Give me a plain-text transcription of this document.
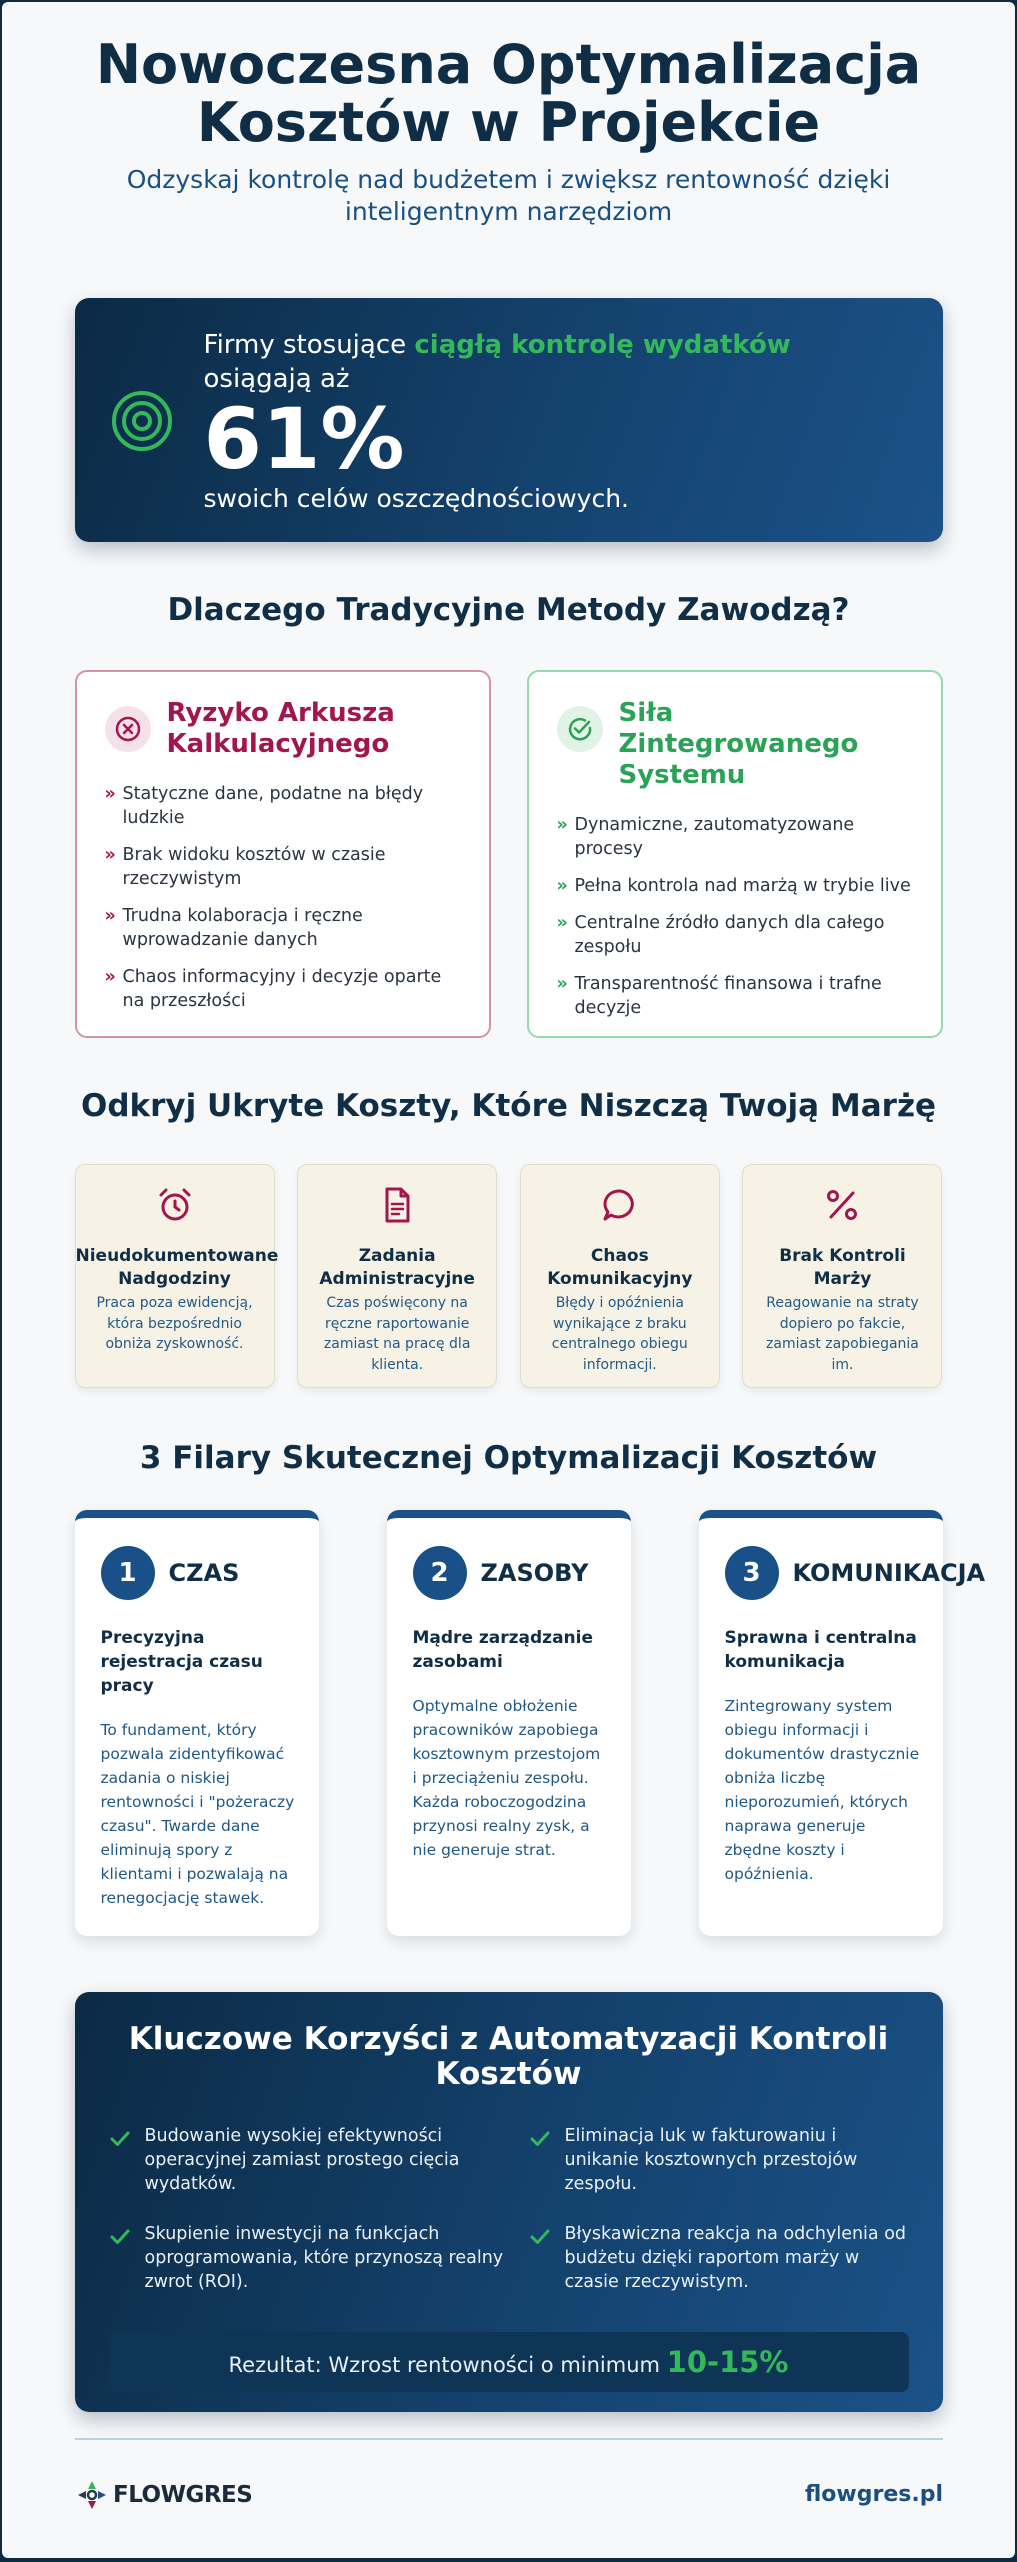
Nowoczesna Optymalizacja
Kosztów w Projekcie

Odzyskaj kontrolę nad budżetem i zwiększ rentowność dzięki inteligentnym narzędziom

Firmy stosujące ciągłą kontrolę wydatków osiągają aż
61%
swoich celów oszczędnościowych.
Dlaczego Tradycyjne Metody Zawodzą?
Ryzyko Arkusza Kalkulacyjnego
» Statyczne dane, podatne na błędy ludzkie
» Brak widoku kosztów w czasie rzeczywistym
» Trudna kolaboracja i ręczne wprowadzanie danych
» Chaos informacyjny i decyzje oparte na przeszłości
Siła Zintegrowanego Systemu
» Dynamiczne, zautomatyzowane procesy
» Pełna kontrola nad marżą w trybie live
» Centralne źródło danych dla całego zespołu
» Transparentność finansowa i trafne decyzje
Odkryj Ukryte Koszty, Które Niszczą Twoją Marżę
Nieudokumentowane
Nadgodziny
Praca poza ewidencją, która bezpośrednio obniża zyskowność.
Zadania
Administracyjne
Czas poświęcony na ręczne raportowanie zamiast na pracę dla klienta.
Chaos
Komunikacyjny
Błędy i opóźnienia wynikające z braku centralnego obiegu informacji.
Brak Kontroli
Marży
Reagowanie na straty dopiero po fakcie, zamiast zapobiegania im.
3 Filary Skutecznej Optymalizacji Kosztów
1	CZAS
Precyzyjna rejestracja czasu pracy
To fundament, który pozwala zidentyfikować zadania o niskiej rentowności i "pożeraczy czasu". Twarde dane eliminują spory z klientami i pozwalają na renegocjację stawek.
2	ZASOBY
Mądre zarządzanie zasobami
Optymalne obłożenie pracowników zapobiega kosztownym przestojom i przeciążeniu zespołu. Każda roboczogodzina przynosi realny zysk, a nie generuje strat.
3	KOMUNIKACJA
Sprawna i centralna komunikacja
Zintegrowany system obiegu informacji i dokumentów drastycznie obniża liczbę nieporozumień, których naprawa generuje zbędne koszty i opóźnienia.
Kluczowe Korzyści z Automatyzacji Kontroli Kosztów
Budowanie wysokiej efektywności operacyjnej zamiast prostego cięcia wydatków.
Eliminacja luk w fakturowaniu i unikanie kosztownych przestojów zespołu.
Skupienie inwestycji na funkcjach oprogramowania, które przynoszą realny zwrot (ROI).
Błyskawiczna reakcja na odchylenia od budżetu dzięki raportom marży w czasie rzeczywistym.
Rezultat: Wzrost rentowności o minimum 10-15%
FLOWGRES	flowgres.pl
